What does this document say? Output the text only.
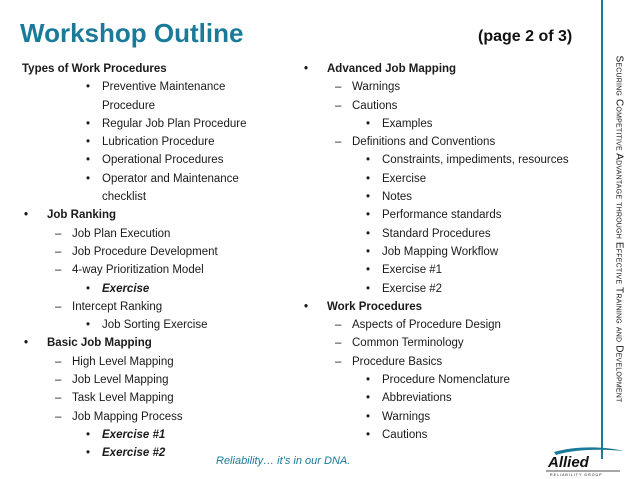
Workshop Outline	(page 2 of 3)
Securing Competitive Advantage through Effective Training and Development
Types of Work Procedures
• Preventive Maintenance Procedure
• Regular Job Plan Procedure
• Lubrication Procedure
• Operational Procedures
• Operator and Maintenance checklist
• Job Ranking
– Job Plan Execution
– Job Procedure Development
– 4-way Prioritization Model
• Exercise
– Intercept Ranking
• Job Sorting Exercise
• Basic Job Mapping
– High Level Mapping
– Job Level Mapping
– Task Level Mapping
– Job Mapping Process
• Exercise #1
• Exercise #2
• Advanced Job Mapping
– Warnings
– Cautions
• Examples
– Definitions and Conventions
• Constraints, impediments, resources
• Exercise
• Notes
• Performance standards
• Standard Procedures
• Job Mapping Workflow
• Exercise #1
• Exercise #2
• Work Procedures
– Aspects of Procedure Design
– Common Terminology
– Procedure Basics
• Procedure Nomenclature
• Abbreviations
• Warnings
• Cautions
Reliability… it’s in our DNA.	Allied
RELIABILITY GROUP
